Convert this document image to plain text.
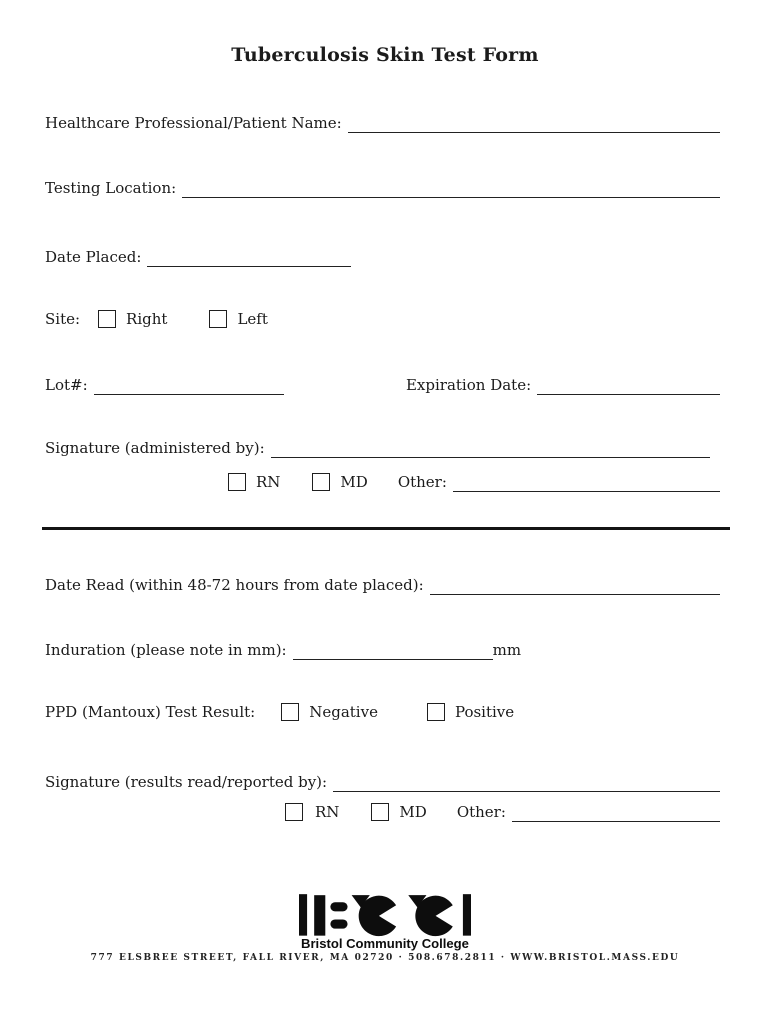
Tuberculosis Skin Test Form
Healthcare Professional/Patient Name:
Testing Location:
Date Placed:
Site:	Right	Left
Lot#:	Expiration Date:
Signature (administered by):
RN	MD Other:
Date Read (within 48-72 hours from date placed):
Induration (please note in mm):	mm
PPD (Mantoux) Test Result:	Negative	Positive
Signature (results read/reported by):
RN	MD Other:
Bristol Community College
777 ELSBREE STREET, FALL RIVER, MA 02720 · 508.678.2811 · WWW.BRISTOL.MASS.EDU
